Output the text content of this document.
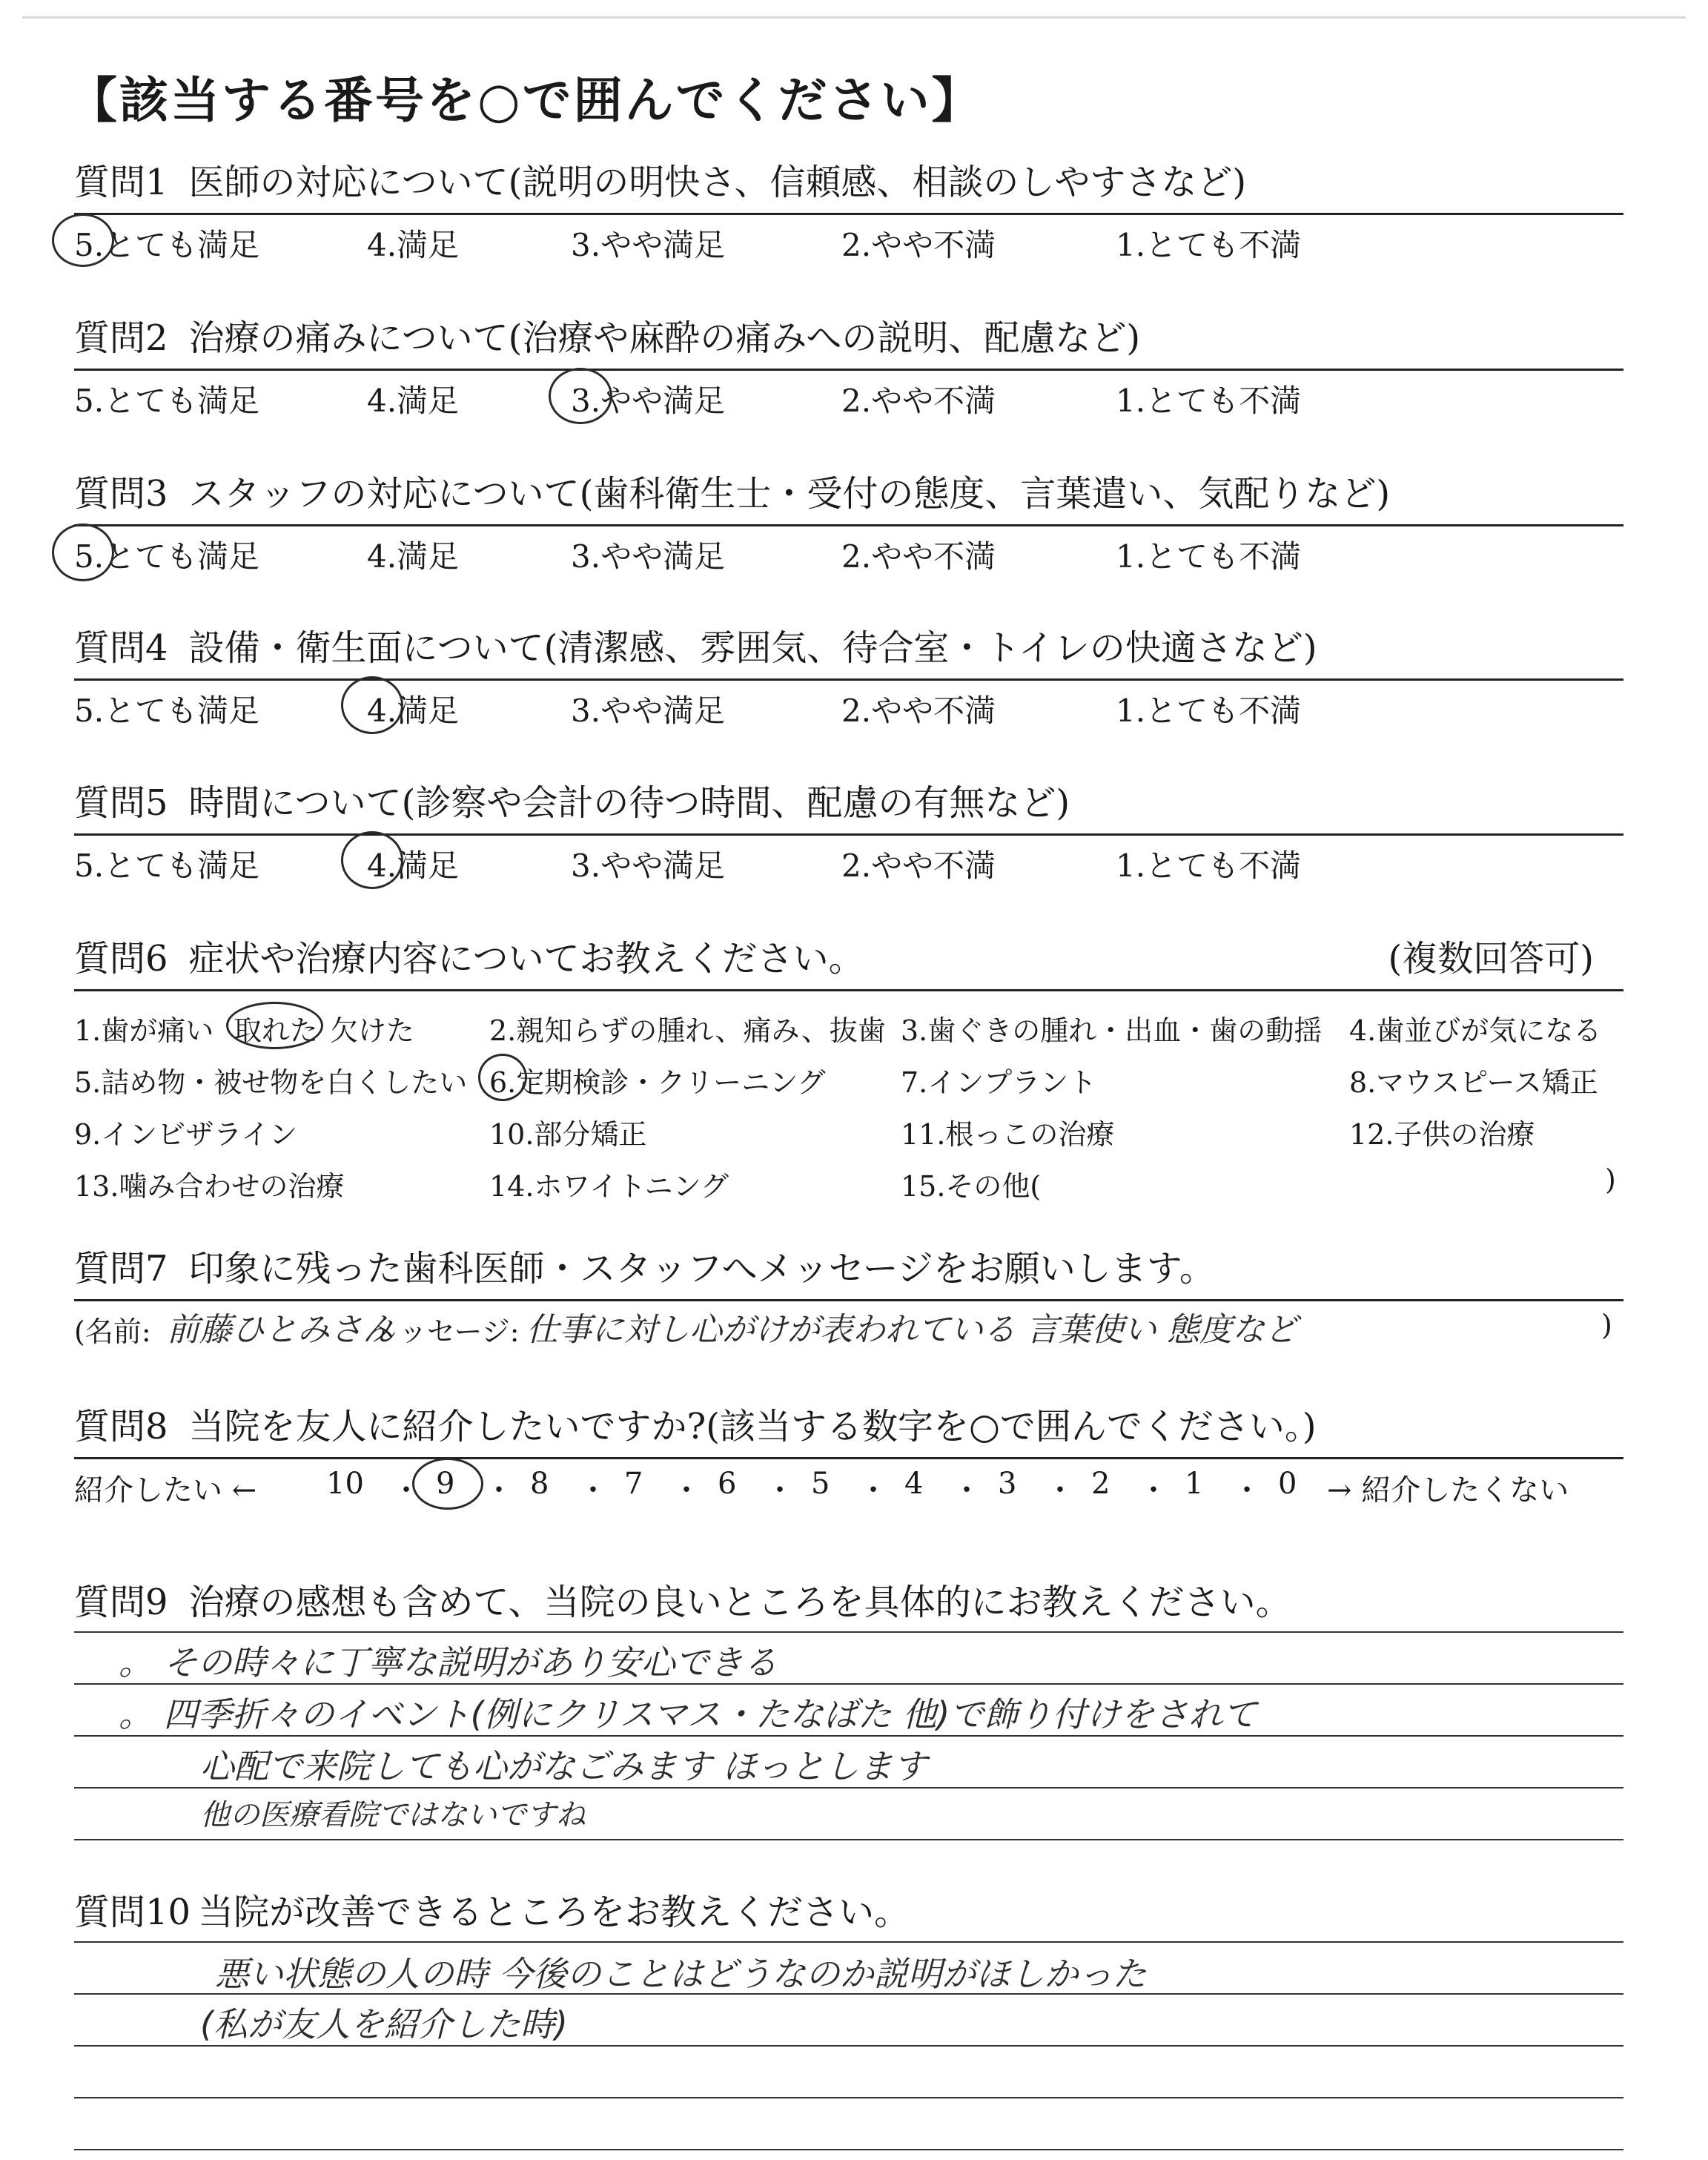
【該当する番号を○で囲んでください】
質問1 医師の対応について(説明の明快さ、信頼感、相談のしやすさなど)
5.とても満足	4.満足	3.やや満足	2.やや不満	1.とても不満
質問2 治療の痛みについて(治療や麻酔の痛みへの説明、配慮など)
5.とても満足	4.満足	3.やや満足	2.やや不満	1.とても不満
質問3 スタッフの対応について(歯科衛生士・受付の態度、言葉遣い、気配りなど)
5.とても満足	4.満足	3.やや満足	2.やや不満	1.とても不満
質問4 設備・衛生面について(清潔感、雰囲気、待合室・トイレの快適さなど)
5.とても満足	4.満足	3.やや満足	2.やや不満	1.とても不満
質問5 時間について(診察や会計の待つ時間、配慮の有無など)
5.とても満足	4.満足	3.やや満足	2.やや不満	1.とても不満
質問6 症状や治療内容についてお教えください。	(複数回答可)
1.歯が痛い 取れた 欠けた	2.親知らずの腫れ、痛み、抜歯 3.歯ぐきの腫れ・出血・歯の動揺 4.歯並びが気になる
5.詰め物・被せ物を白くしたい 6.定期検診・クリーニング	7.インプラント	8.マウスピース矯正
9.インビザライン	10.部分矯正	11.根っこの治療	12.子供の治療
13.噛み合わせの治療	14.ホワイトニング	15.その他(	)
質問7 印象に残った歯科医師・スタッフへメッセージをお願いします。
(名前: 前藤ひとみさん
メッセージ: 仕事に対し心がけが表われている 言葉使い 態度など	)
質問8 当院を友人に紹介したいですか?(該当する数字を○で囲んでください。)
紹介したい ← 10 ・ 9 ・ 8 ・ 7 ・ 6 ・ 5 ・ 4 ・ 3 ・ 2 ・ 1 ・ 0 → 紹介したくない
質問9 治療の感想も含めて、当院の良いところを具体的にお教えください。
。 その時々に丁寧な説明があり安心できる
。 四季折々のイベント(例にクリスマス・たなばた 他)で飾り付けをされて
心配で来院しても心がなごみます ほっとします
他の医療看院ではないですね
質問10 当院が改善できるところをお教えください。
悪い状態の人の時 今後のことはどうなのか説明がほしかった
(私が友人を紹介した時)
